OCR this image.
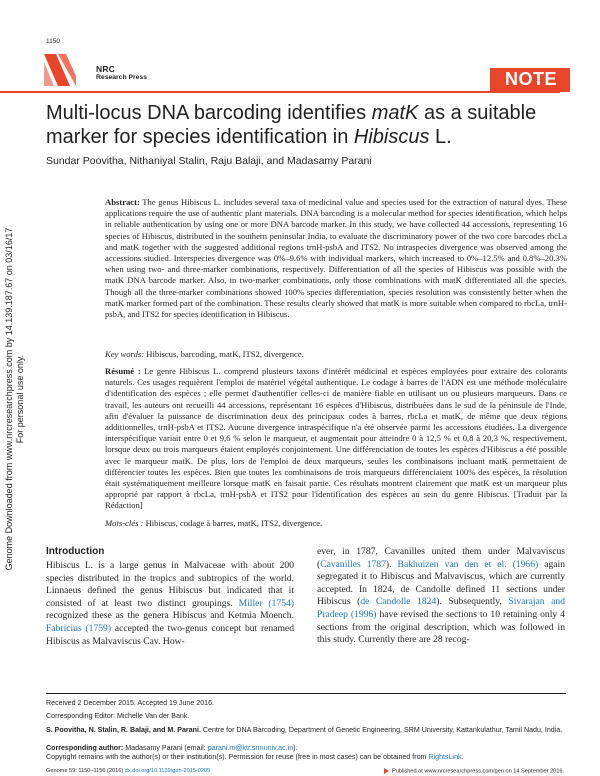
1150
NRC
Research Press	NOTE
Genome Downloaded from www.nrcresearchpress.com by 14.139.187.67 on 03/16/17 For personal use only.
Multi-locus DNA barcoding identifies matK as a suitable marker for species identification in Hibiscus L.
Sundar Poovitha, Nithaniyal Stalin, Raju Balaji, and Madasamy Parani
Abstract: The genus Hibiscus L. includes several taxa of medicinal value and species used for the extraction of natural dyes. These applications require the use of authentic plant materials. DNA barcoding is a molecular method for species identification, which helps in reliable authentication by using one or more DNA barcode marker. In this study, we have collected 44 accessions, representing 16 species of Hibiscus, distributed in the southern peninsular India, to evaluate the discriminatory power of the two core barcodes rbcLa and matK together with the suggested additional regions trnH-psbA and ITS2. No intraspecies divergence was observed among the accessions studied. Interspecies divergence was 0%–9.6% with individual markers, which increased to 0%–12.5% and 0.8%–20.3% when using two- and three-marker combinations, respectively. Differentiation of all the species of Hibiscus was possible with the matK DNA barcode marker. Also, in two-marker combinations, only those combinations with matK differentiated all the species. Though all the three-marker combinations showed 100% species differentiation, species resolution was consistently better when the matK marker formed part of the combination. These results clearly showed that matK is more suitable when compared to rbcLa, trnH-psbA, and ITS2 for species identification in Hibiscus.
Key words: Hibiscus, barcoding, matK, ITS2, divergence.
Résumé : Le genre Hibiscus L. comprend plusieurs taxons d'intérêt médicinal et espèces employées pour extraire des colorants naturels. Ces usages requièrent l'emploi de matériel végétal authentique. Le codage à barres de l'ADN est une méthode moléculaire d'identification des espèces ; elle permet d'authentifier celles-ci de manière fiable en utilisant un ou plusieurs marqueurs. Dans ce travail, les auteurs ont recueilli 44 accessions, représentant 16 espèces d'Hibiscus, distribuées dans le sud de la péninsule de l'Inde, afin d'évaluer la puissance de discrimination deux des principaux codes à barres, rbcLa et matK, de même que deux régions additionnelles, trnH-psbA et ITS2. Aucune divergence intraspécifique n'a été observée parmi les accessions étudiées. La divergence interspécifique variait entre 0 et 9,6 % selon le marqueur, et augmentait pour atteindre 0 à 12,5 % et 0,8 à 20,3 %, respectivement, lorsque deux ou trois marqueurs étaient employés conjointement. Une différenciation de toutes les espèces d'Hibiscus a été possible avec le marqueur matK. De plus, lors de l'emploi de deux marqueurs, seules les combinaisons incluant matK permettaient de différencier toutes les espèces. Bien que toutes les combinaisons de trois marqueurs différenciaient 100% des espèces, la résolution était systématiquement meilleure lorsque matK en faisait partie. Ces résultats montrent clairement que matK est un marqueur plus approprié par rapport à rbcLa, trnH-psbA et ITS2 pour l'identification des espèces au sein du genre Hibiscus. [Traduit par la Rédaction]
Mots-clés : Hibiscus, codage à barres, matK, ITS2, divergence.
Introduction
Hibiscus L. is a large genus in Malvaceae with about 200 species distributed in the tropics and subtropics of the world. Linnaeus defined the genus Hibiscus but indicated that it consisted of at least two distinct groupings. Miller (1754) recognized these as the genera Hibiscus and Ketmia Moench. Fabricius (1759) accepted the two-genus concept but renamed Hibiscus as Malvaviscus Cav. How-
ever, in 1787, Cavanilles united them under Malvaviscus (Cavanilles 1787). Bakhuizen van den et el. (1966) again segregated it to Hibiscus and Malvaviscus, which are currently accepted. In 1824, de Candolle defined 11 sections under Hibiscus (de Candolle 1824). Subsequently, Sivarajan and Pradeep (1996) have revised the sections to 10 retaining only 4 sections from the original description, which was followed in this study. Currently there are 28 recog-
Received 2 December 2015. Accepted 19 June 2016.
Corresponding Editor: Michelle Van der Bank.
S. Poovitha, N. Stalin, R. Balaji, and M. Parani. Centre for DNA Barcoding, Department of Genetic Engineering, SRM University, Kattankulathur, Tamil Nadu, India.
Corresponding author: Madasamy Parani (email: parani.m@ktr.srmuniv.ac.in).
Copyright remains with the author(s) or their institution(s). Permission for reuse (free in most cases) can be obtained from RightsLink.
Genome 59: 1150–1156 (2016) dx.doi.org/10.1139/gen-2015-0205	Published at www.nrcresearchpress.com/gen on 14 September 2016.
